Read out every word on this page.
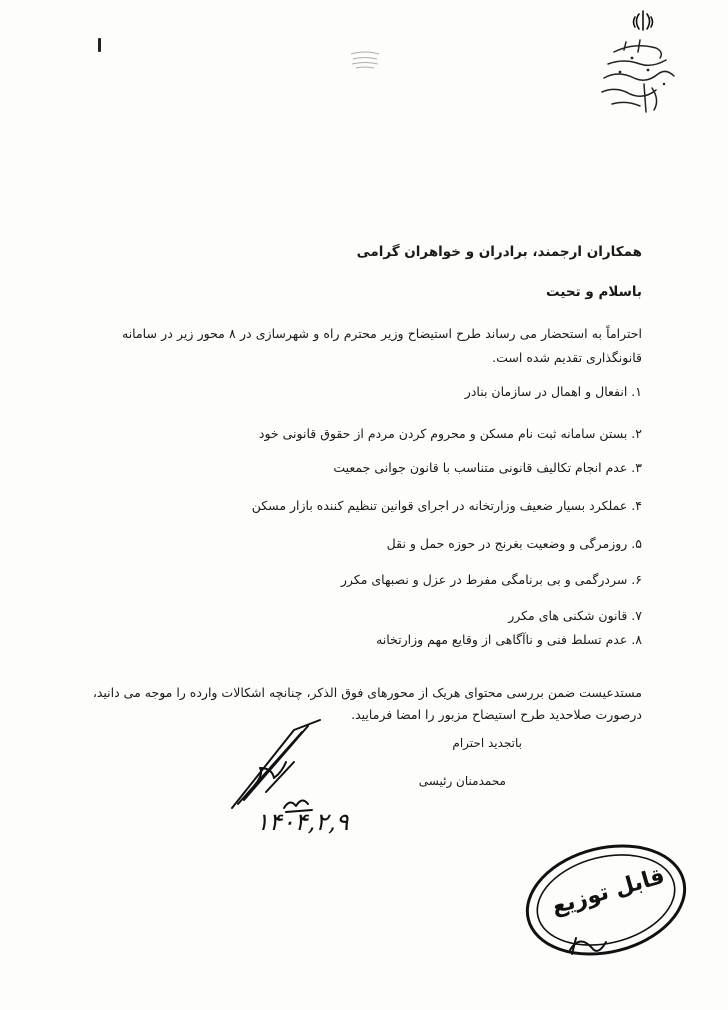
همکاران ارجمند، برادران و خواهران گرامی
باسلام و تحیت
احتراماً به استحضار می رساند طرح استیضاح وزیر محترم راه و شهرسازی در ۸ محور زیر در سامانه قانونگذاری تقدیم شده است.
۱. انفعال و اهمال در سازمان بنادر
۲. بستن سامانه ثبت نام مسکن و محروم کردن مردم از حقوق قانونی خود
۳. عدم انجام تکالیف قانونی متناسب با قانون جوانی جمعیت
۴. عملکرد بسیار ضعیف وزارتخانه در اجرای قوانین تنظیم کننده بازار مسکن
۵. روزمرگی و وضعیت بغرنج در حوزه حمل و نقل
۶. سردرگمی و بی برنامگی مفرط در عزل و نصبهای مکرر
۷. قانون شکنی های مکرر
۸. عدم تسلط فنی و ناآگاهی از وقایع مهم وزارتخانه
مستدعیست ضمن بررسی محتوای هریک از محورهای فوق الذکر، چنانچه اشکالات وارده را موجه می دانید،
درصورت صلاحدید طرح استیضاح مزبور را امضا فرمایید.
باتجدید احترام
محمدمنان رئیسی
۱۴۰۴,۲,۹
قابل توزیع
